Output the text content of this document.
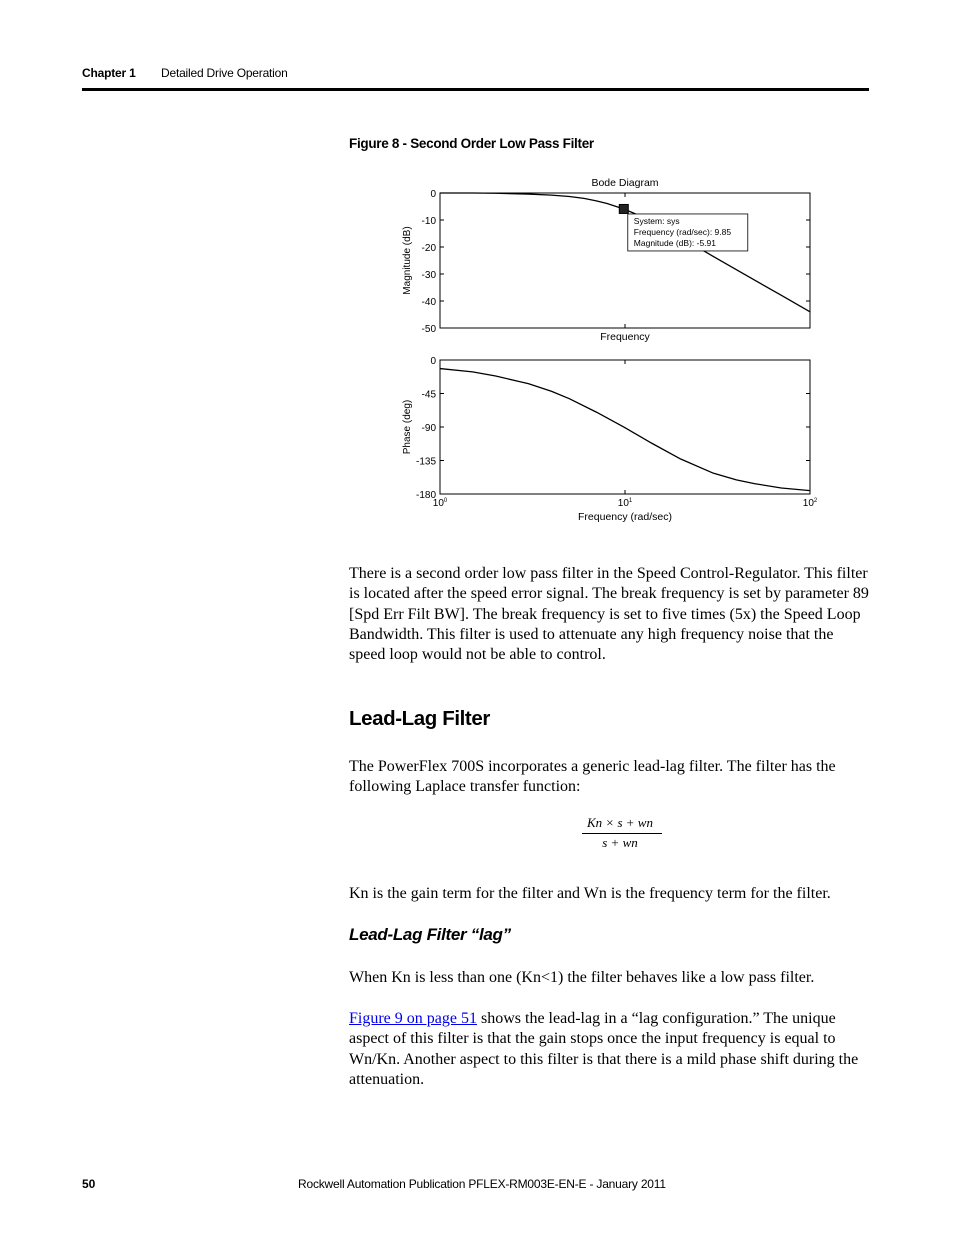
Chapter 1 Detailed Drive Operation
Figure 8 - Second Order Low Pass Filter
0
-10
-20
-30
-40
-50
Magnitude (dB)
Frequency
Bode Diagram
System: sys
Frequency (rad/sec): 9.85
Magnitude (dB): -5.91
0
-45
-90
-135
-180
Phase (deg)
Frequency (rad/sec)
$10^0$	$10^1$	$10^2$

There is a second order low pass filter in the Speed Control-Regulator. This filter is located after the speed error signal. The break frequency is set by parameter 89 [Spd Err Filt BW]. The break frequency is set to five times (5x) the Speed Loop Bandwidth. This filter is used to attenuate any high frequency noise that the speed loop would not be able to control.

Lead-Lag Filter

The PowerFlex 700S incorporates a generic lead-lag filter. The filter has the following Laplace transfer function:

Kn × s + wn
s + wn

Kn is the gain term for the filter and Wn is the frequency term for the filter.

Lead-Lag Filter “lag”

When Kn is less than one (Kn<1) the filter behaves like a low pass filter.

Figure 9 on page 51 shows the lead-lag in a “lag configuration.” The unique aspect of this filter is that the gain stops once the input frequency is equal to Wn/Kn. Another aspect to this filter is that there is a mild phase shift during the attenuation.

50	Rockwell Automation Publication PFLEX-RM003E-EN-E - January 2011
